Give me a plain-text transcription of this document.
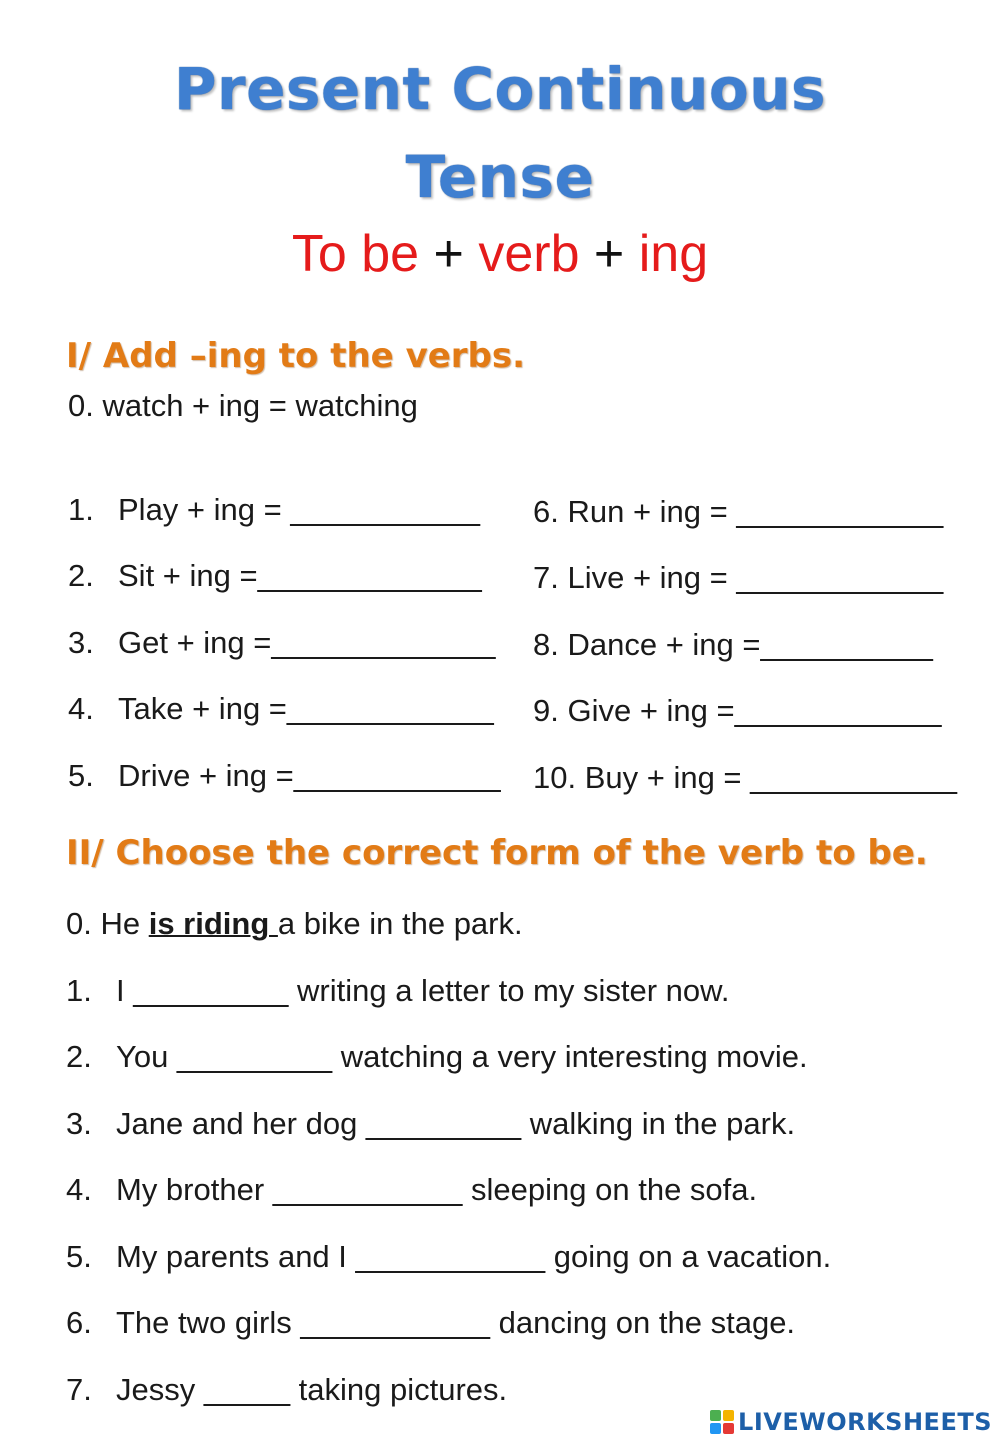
Present Continuous
Tense
To be + verb + ing
I/ Add –ing to the verbs.
0. watch + ing = watching
1. Play + ing = ___________
2. Sit + ing =_____________
3. Get + ing =_____________
4. Take + ing =____________
5. Drive + ing =____________
6. Run + ing = ____________
7. Live + ing = ____________
8. Dance + ing =__________
9. Give + ing =____________
10. Buy + ing = ____________
II/ Choose the correct form of the verb to be.
0. He is riding a bike in the park.
1. I _________ writing a letter to my sister now.
2. You _________ watching a very interesting movie.
3. Jane and her dog _________ walking in the park.
4. My brother ___________ sleeping on the sofa.
5. My parents and I ___________ going on a vacation.
6. The two girls ___________ dancing on the stage.
7. Jessy _____ taking pictures.
LIVEWORKSHEETS
